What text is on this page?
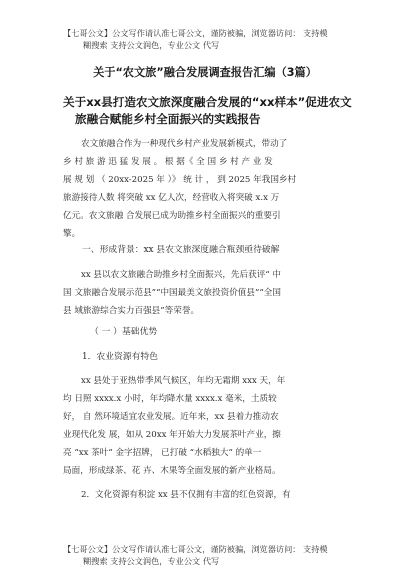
【七哥公文】公文写作请认准七哥公文，谨防被骗，浏览器访问： 支持模
糊搜索 支持公文润色，专业公文 代写
关于“农文旅”融合发展调查报告汇编（3篇）
关于xx县打造农文旅深度融合发展的“xx样本”促进农文
旅融合赋能乡村全面振兴的实践报告
农文旅融合作为一种现代乡村产业发展新模式，带动了
乡 村 旅 游 迅 猛 发 展 。 根 据《 全 国 乡 村 产 业 发
展 规 划 （ 20xx-2025 年 ）》 统 计 ， 到 2025 年我国乡村
旅游接待人数 将突破 xx 亿人次，经营收入将突破 x.x 万
亿元。农文旅融 合发展已成为助推乡村全面振兴的重要引
擎。
一、形成背景：xx 县农文旅深度融合瓶颈亟待破解
xx 县以农文旅融合助推乡村全面振兴，先后获评“ 中
国 文旅融合发展示范县”“中国最美文旅投资价值县”“全国
县 域旅游综合实力百强县”等荣誉。
（ 一 ）基础优势
1．农业资源有特色
xx 县处于亚热带季风气候区，年均无霜期 xxx 天，年
均 日照 xxxx.x 小时，年均降水量 xxxx.x 毫米，土质较
好， 自 然环境适宜农业发展。近年来，xx 县着力推动农
业现代化发 展，如从 20xx 年开始大力发展茶叶产业，擦
亮 “xx 茶叶” 金字招牌， 已打破 “水稻独大” 的单一
局面，形成绿茶、花 卉、木果等全面发展的新产业格局。
2．文化资源有积淀 xx 县不仅拥有丰富的红色资源，有
【七哥公文】公文写作请认准七哥公文，谨防被骗，浏览器访问： 支持模
糊搜索 支持公文润色，专业公文 代写
